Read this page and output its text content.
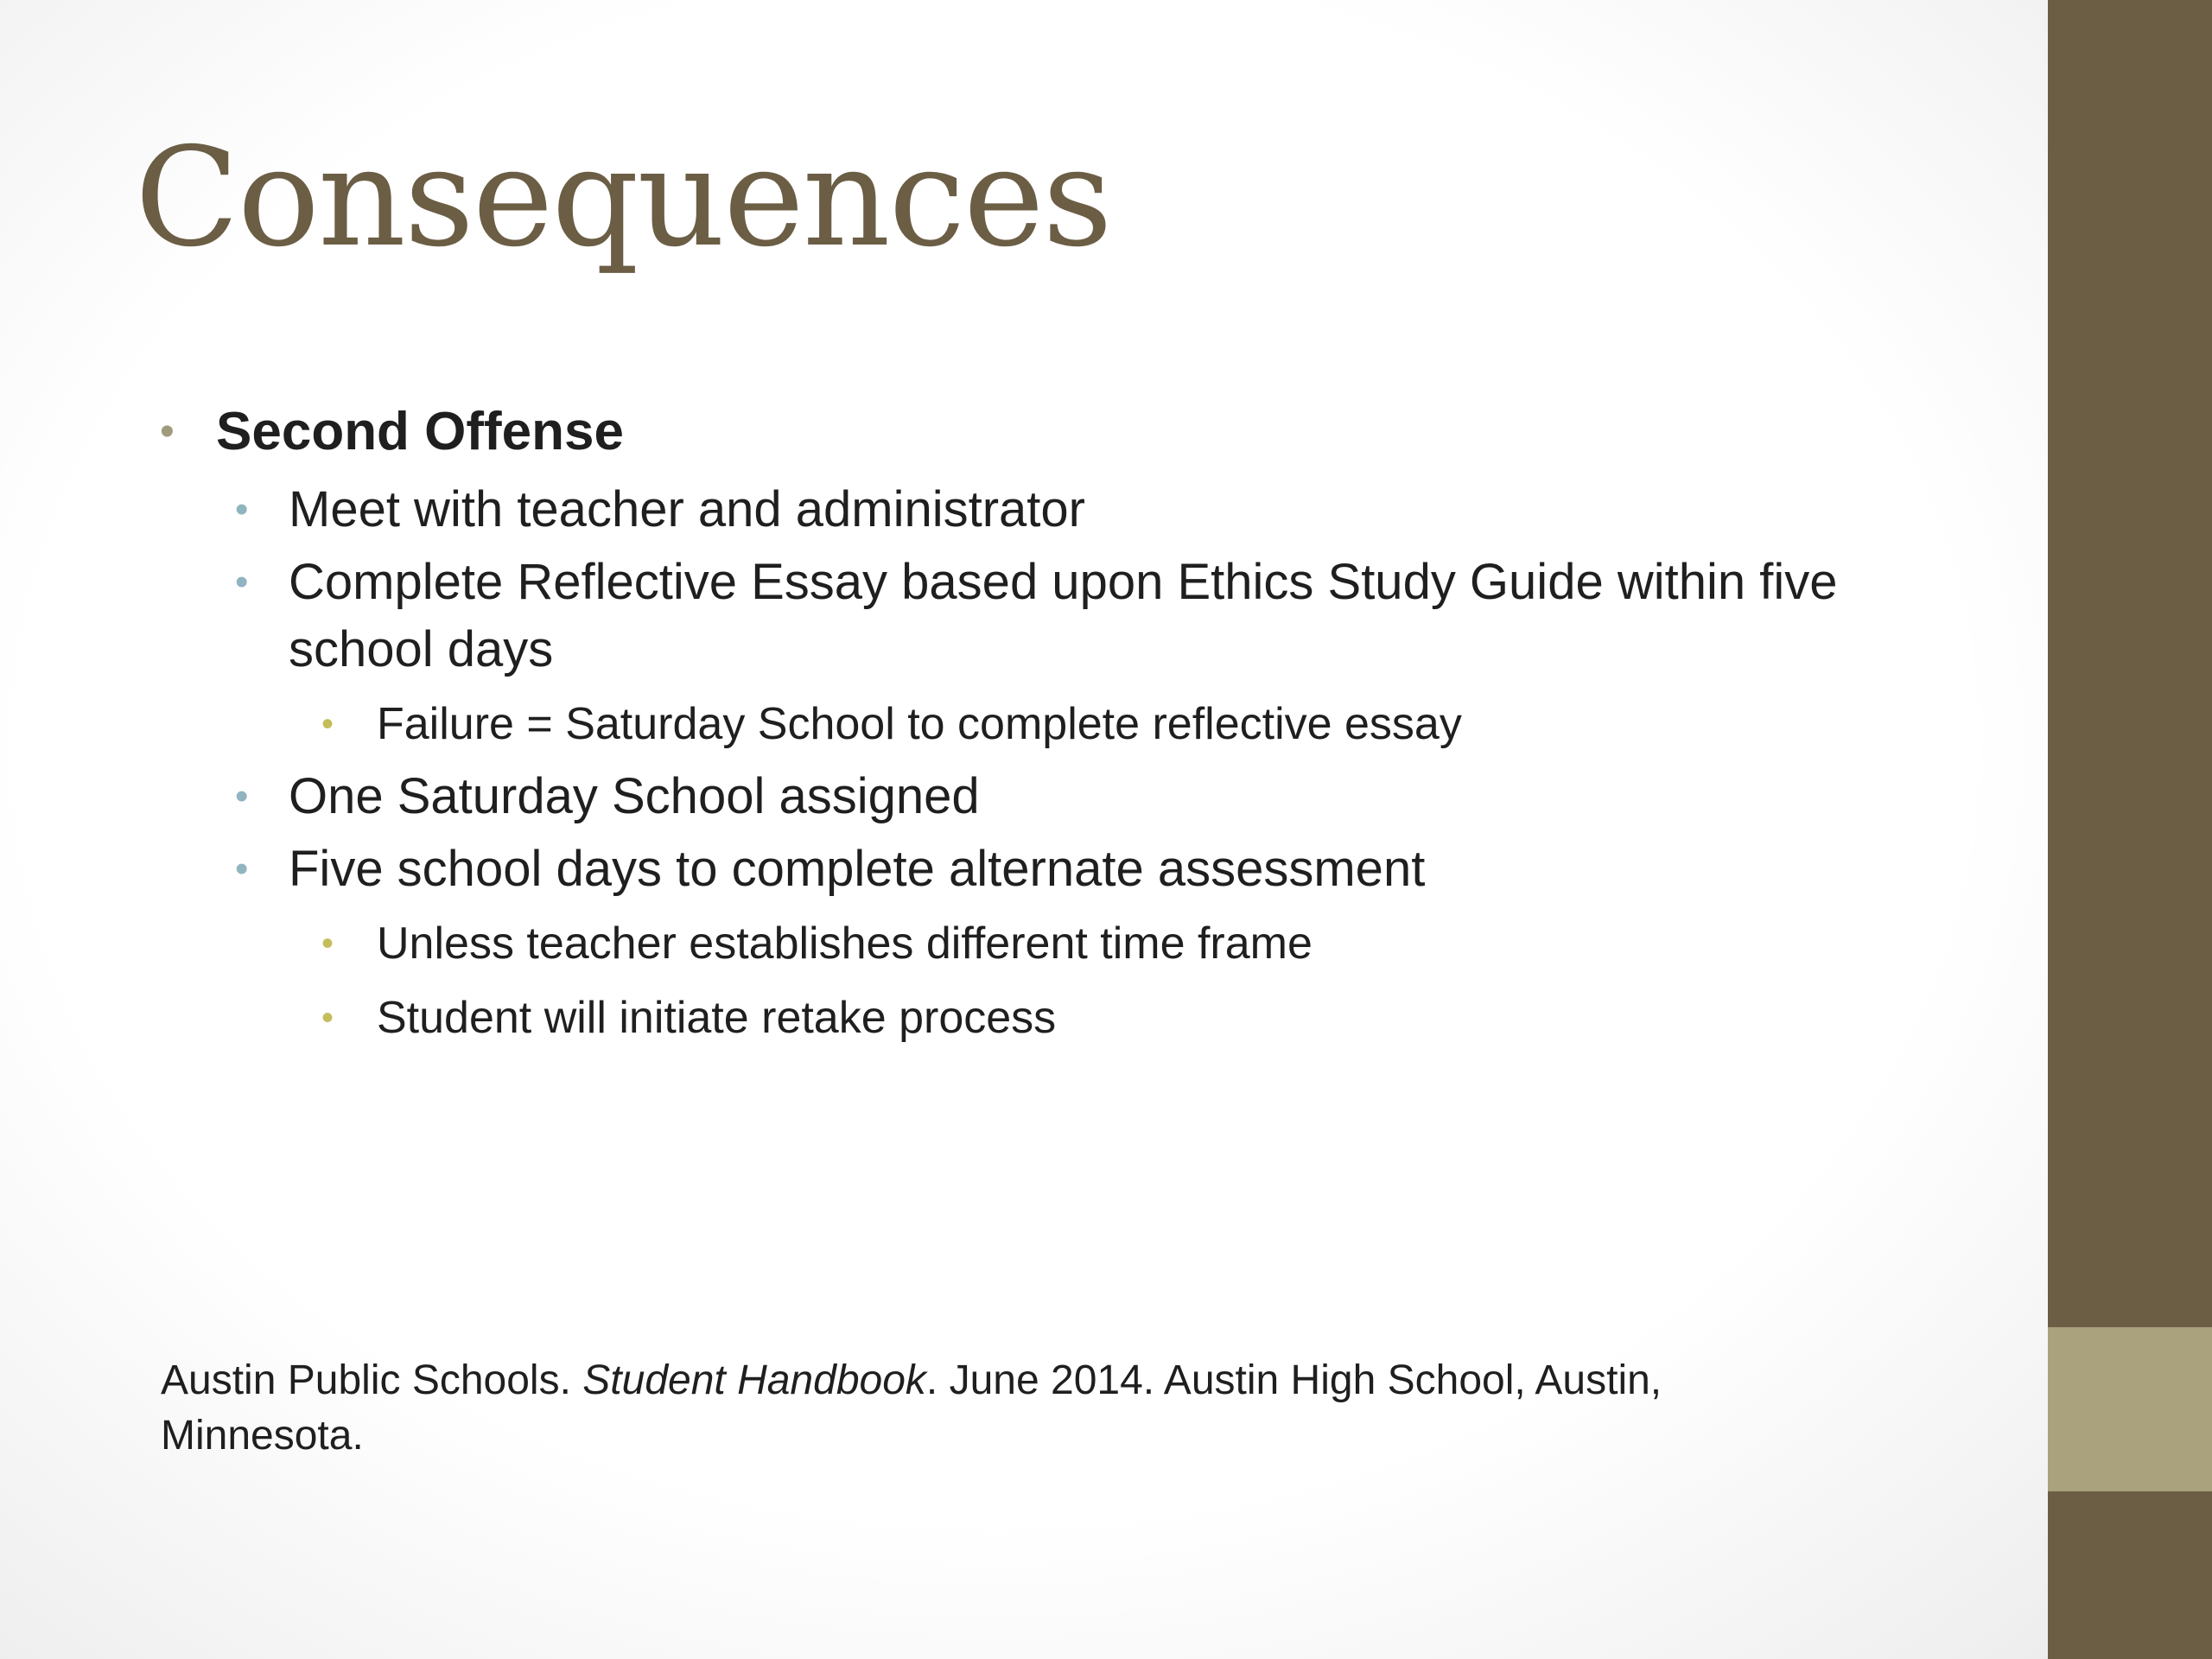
Consequences
• Second Offense
• Meet with teacher and administrator
• Complete Reflective Essay based upon Ethics Study Guide within five school days
• Failure = Saturday School to complete reflective essay
• One Saturday School assigned
• Five school days to complete alternate assessment
• Unless teacher establishes different time frame
• Student will initiate retake process
Austin Public Schools. Student Handbook. June 2014. Austin High School, Austin, Minnesota.
